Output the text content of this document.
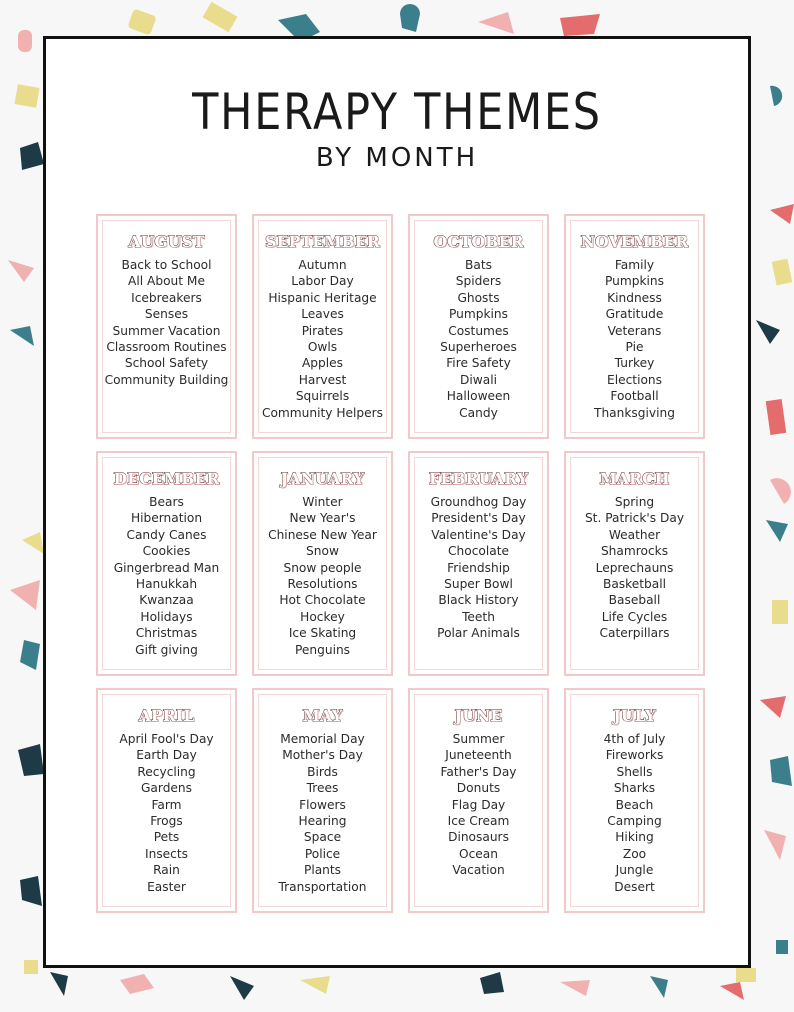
THERAPY THEMES
BY MONTH
AUGUST
Back to School
All About Me
Icebreakers
Senses
Summer Vacation
Classroom Routines
School Safety
Community Building
SEPTEMBER
Autumn
Labor Day
Hispanic Heritage
Leaves
Pirates
Owls
Apples
Harvest
Squirrels
Community Helpers
OCTOBER
Bats
Spiders
Ghosts
Pumpkins
Costumes
Superheroes
Fire Safety
Diwali
Halloween
Candy
NOVEMBER
Family
Pumpkins
Kindness
Gratitude
Veterans
Pie
Turkey
Elections
Football
Thanksgiving
DECEMBER
Bears
Hibernation
Candy Canes
Cookies
Gingerbread Man
Hanukkah
Kwanzaa
Holidays
Christmas
Gift giving
JANUARY
Winter
New Year's
Chinese New Year
Snow
Snow people
Resolutions
Hot Chocolate
Hockey
Ice Skating
Penguins
FEBRUARY
Groundhog Day
President's Day
Valentine's Day
Chocolate
Friendship
Super Bowl
Black History
Teeth
Polar Animals
MARCH
Spring
St. Patrick's Day
Weather
Shamrocks
Leprechauns
Basketball
Baseball
Life Cycles
Caterpillars
APRIL
April Fool's Day
Earth Day
Recycling
Gardens
Farm
Frogs
Pets
Insects
Rain
Easter
MAY
Memorial Day
Mother's Day
Birds
Trees
Flowers
Hearing
Space
Police
Plants
Transportation
JUNE
Summer
Juneteenth
Father's Day
Donuts
Flag Day
Ice Cream
Dinosaurs
Ocean
Vacation
JULY
4th of July
Fireworks
Shells
Sharks
Beach
Camping
Hiking
Zoo
Jungle
Desert
